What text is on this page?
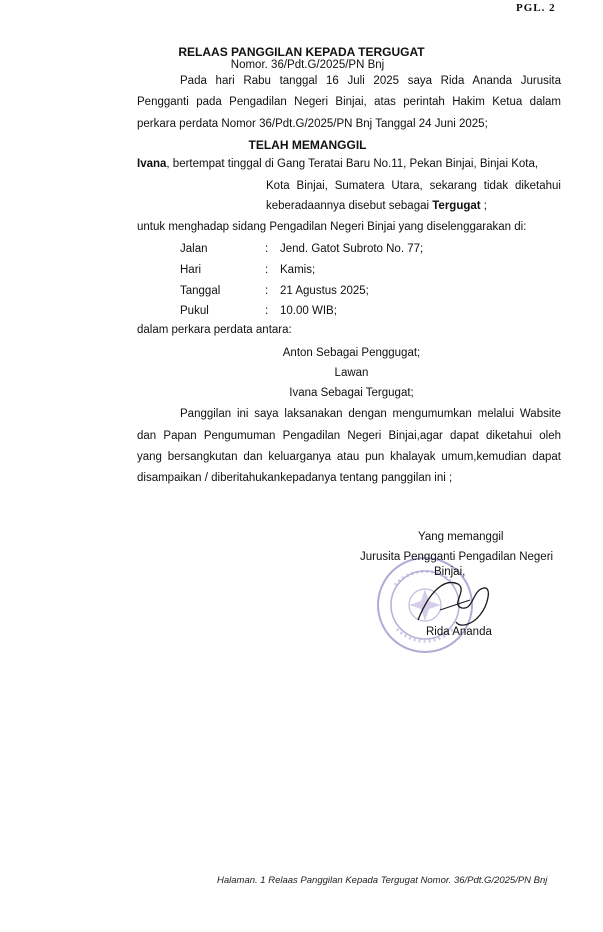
PGL. 2
RELAAS PANGGILAN KEPADA TERGUGAT
Nomor. 36/Pdt.G/2025/PN Bnj
Pada hari Rabu tanggal 16 Juli 2025 saya Rida Ananda Jurusita
Pengganti pada Pengadilan Negeri Binjai, atas perintah Hakim Ketua dalam
perkara perdata Nomor 36/Pdt.G/2025/PN Bnj Tanggal 24 Juni 2025;
TELAH MEMANGGIL
Ivana, bertempat tinggal di Gang Teratai Baru No.11, Pekan Binjai, Binjai Kota,
Kota Binjai, Sumatera Utara, sekarang tidak diketahui
keberadaannya disebut sebagai Tergugat ;
untuk menghadap sidang Pengadilan Negeri Binjai yang diselenggarakan di:
Jalan	: Jend. Gatot Subroto No. 77;
Hari	: Kamis;
Tanggal	: 21 Agustus 2025;
Pukul	: 10.00 WIB;
dalam perkara perdata antara:
Anton Sebagai Penggugat;
Lawan
Ivana Sebagai Tergugat;
Panggilan ini saya laksanakan dengan mengumumkan melalui Wabsite
dan Papan Pengumuman Pengadilan Negeri Binjai,agar dapat diketahui oleh
yang bersangkutan dan keluarganya atau pun khalayak umum,kemudian dapat
disampaikan / diberitahukankepadanya tentang panggilan ini ;
Yang memanggil
Jurusita Pengganti Pengadilan Negeri
Binjai,
Rida Ananda
Halaman. 1 Relaas Panggilan Kepada Tergugat Nomor. 36/Pdt.G/2025/PN Bnj
